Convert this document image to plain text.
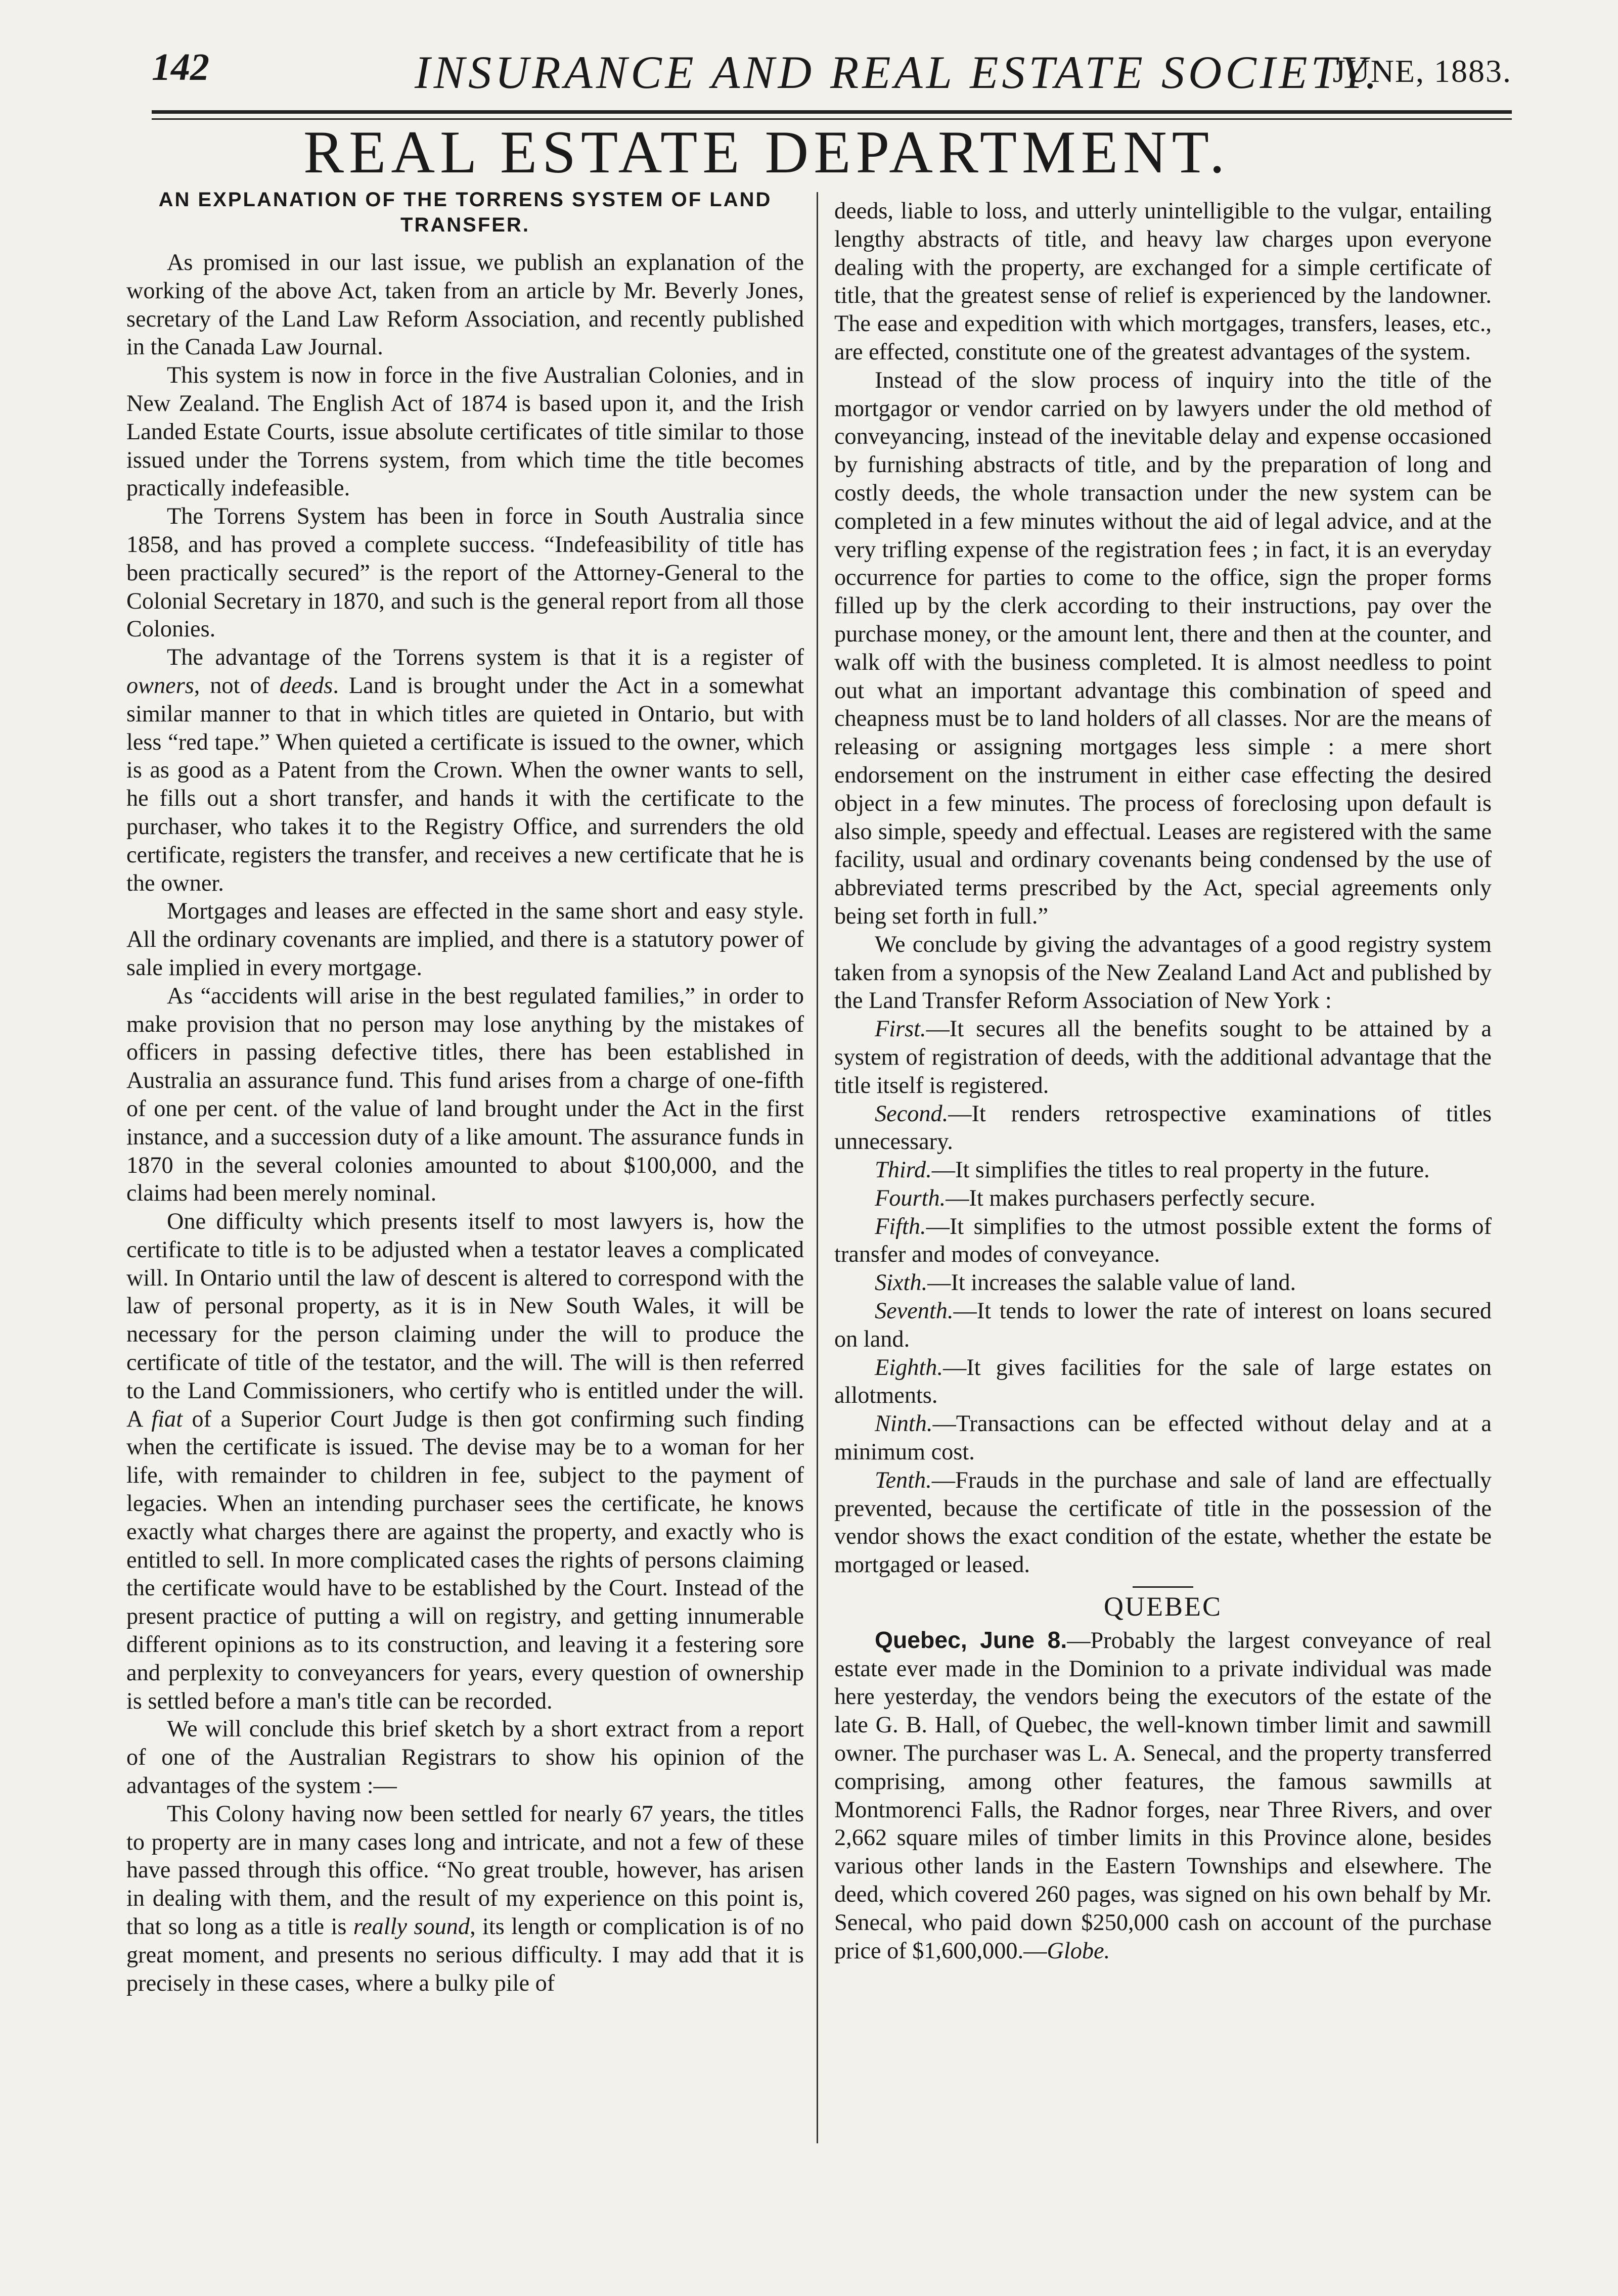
142	INSURANCE AND REAL ESTATE SOCIETY.
JUNE, 1883.
REAL ESTATE DEPARTMENT.
AN EXPLANATION OF THE TORRENS SYSTEM OF LAND TRANSFER.

As promised in our last issue, we publish an explanation of the working of the above Act, taken from an article by Mr. Beverly Jones, secretary of the Land Law Reform Association, and recently published in the Canada Law Journal.

This system is now in force in the five Australian Colonies, and in New Zealand. The English Act of 1874 is based upon it, and the Irish Landed Estate Courts, issue absolute certificates of title similar to those issued under the Torrens system, from which time the title becomes practically indefeasible.

The Torrens System has been in force in South Australia since 1858, and has proved a complete success. “Indefeasibility of title has been practically secured” is the report of the Attorney-General to the Colonial Secretary in 1870, and such is the general report from all those Colonies.

The advantage of the Torrens system is that it is a register of owners, not of deeds. Land is brought under the Act in a somewhat similar manner to that in which titles are quieted in Ontario, but with less “red tape.” When quieted a certificate is issued to the owner, which is as good as a Patent from the Crown. When the owner wants to sell, he fills out a short transfer, and hands it with the certificate to the purchaser, who takes it to the Registry Office, and surrenders the old certificate, registers the transfer, and receives a new certificate that he is the owner.

Mortgages and leases are effected in the same short and easy style. All the ordinary covenants are implied, and there is a statutory power of sale implied in every mortgage.

As “accidents will arise in the best regulated families,” in order to make provision that no person may lose anything by the mistakes of officers in passing defective titles, there has been established in Australia an assurance fund. This fund arises from a charge of one-fifth of one per cent. of the value of land brought under the Act in the first instance, and a succession duty of a like amount. The assurance funds in 1870 in the several colonies amounted to about $100,000, and the claims had been merely nominal.

One difficulty which presents itself to most lawyers is, how the certificate to title is to be adjusted when a testator leaves a complicated will. In Ontario until the law of descent is altered to correspond with the law of personal property, as it is in New South Wales, it will be necessary for the person claiming under the will to produce the certificate of title of the testator, and the will. The will is then referred to the Land Commissioners, who certify who is entitled under the will. A fiat of a Superior Court Judge is then got confirming such finding when the certificate is issued. The devise may be to a woman for her life, with remainder to children in fee, subject to the payment of legacies. When an intending purchaser sees the certificate, he knows exactly what charges there are against the property, and exactly who is entitled to sell. In more complicated cases the rights of persons claiming the certificate would have to be established by the Court. Instead of the present practice of putting a will on registry, and getting innumerable different opinions as to its construction, and leaving it a festering sore and perplexity to conveyancers for years, every question of ownership is settled before a man's title can be recorded.

We will conclude this brief sketch by a short extract from a report of one of the Australian Registrars to show his opinion of the advantages of the system :—

This Colony having now been settled for nearly 67 years, the titles to property are in many cases long and intricate, and not a few of these have passed through this office. “No great trouble, however, has arisen in dealing with them, and the result of my experience on this point is, that so long as a title is really sound, its length or complication is of no great moment, and presents no serious difficulty. I may add that it is precisely in these cases, where a bulky pile of

deeds, liable to loss, and utterly unintelligible to the vulgar, entailing lengthy abstracts of title, and heavy law charges upon everyone dealing with the property, are exchanged for a simple certificate of title, that the greatest sense of relief is experienced by the landowner. The ease and expedition with which mortgages, transfers, leases, etc., are effected, constitute one of the greatest advantages of the system.

Instead of the slow process of inquiry into the title of the mortgagor or vendor carried on by lawyers under the old method of conveyancing, instead of the inevitable delay and expense occasioned by furnishing abstracts of title, and by the preparation of long and costly deeds, the whole transaction under the new system can be completed in a few minutes without the aid of legal advice, and at the very trifling expense of the registration fees ; in fact, it is an everyday occurrence for parties to come to the office, sign the proper forms filled up by the clerk according to their instructions, pay over the purchase money, or the amount lent, there and then at the counter, and walk off with the business completed. It is almost needless to point out what an important advantage this combination of speed and cheapness must be to land holders of all classes. Nor are the means of releasing or assigning mortgages less simple : a mere short endorsement on the instrument in either case effecting the desired object in a few minutes. The process of foreclosing upon default is also simple, speedy and effectual. Leases are registered with the same facility, usual and ordinary covenants being condensed by the use of abbreviated terms prescribed by the Act, special agreements only being set forth in full.”

We conclude by giving the advantages of a good registry system taken from a synopsis of the New Zealand Land Act and published by the Land Transfer Reform Association of New York :

First.—It secures all the benefits sought to be attained by a system of registration of deeds, with the additional advantage that the title itself is registered.

Second.—It renders retrospective examinations of titles unnecessary.

Third.—It simplifies the titles to real property in the future.

Fourth.—It makes purchasers perfectly secure.

Fifth.—It simplifies to the utmost possible extent the forms of transfer and modes of conveyance.

Sixth.—It increases the salable value of land.

Seventh.—It tends to lower the rate of interest on loans secured on land.

Eighth.—It gives facilities for the sale of large estates on allotments.

Ninth.—Transactions can be effected without delay and at a minimum cost.

Tenth.—Frauds in the purchase and sale of land are effectually prevented, because the certificate of title in the possession of the vendor shows the exact condition of the estate, whether the estate be mortgaged or leased.

QUEBEC

Quebec, June 8.—Probably the largest conveyance of real estate ever made in the Dominion to a private individual was made here yesterday, the vendors being the executors of the estate of the late G. B. Hall, of Quebec, the well-known timber limit and sawmill owner. The purchaser was L. A. Senecal, and the property transferred comprising, among other features, the famous sawmills at Montmorenci Falls, the Radnor forges, near Three Rivers, and over 2,662 square miles of timber limits in this Province alone, besides various other lands in the Eastern Townships and elsewhere. The deed, which covered 260 pages, was signed on his own behalf by Mr. Senecal, who paid down $250,000 cash on account of the purchase price of $1,600,000.—Globe.
